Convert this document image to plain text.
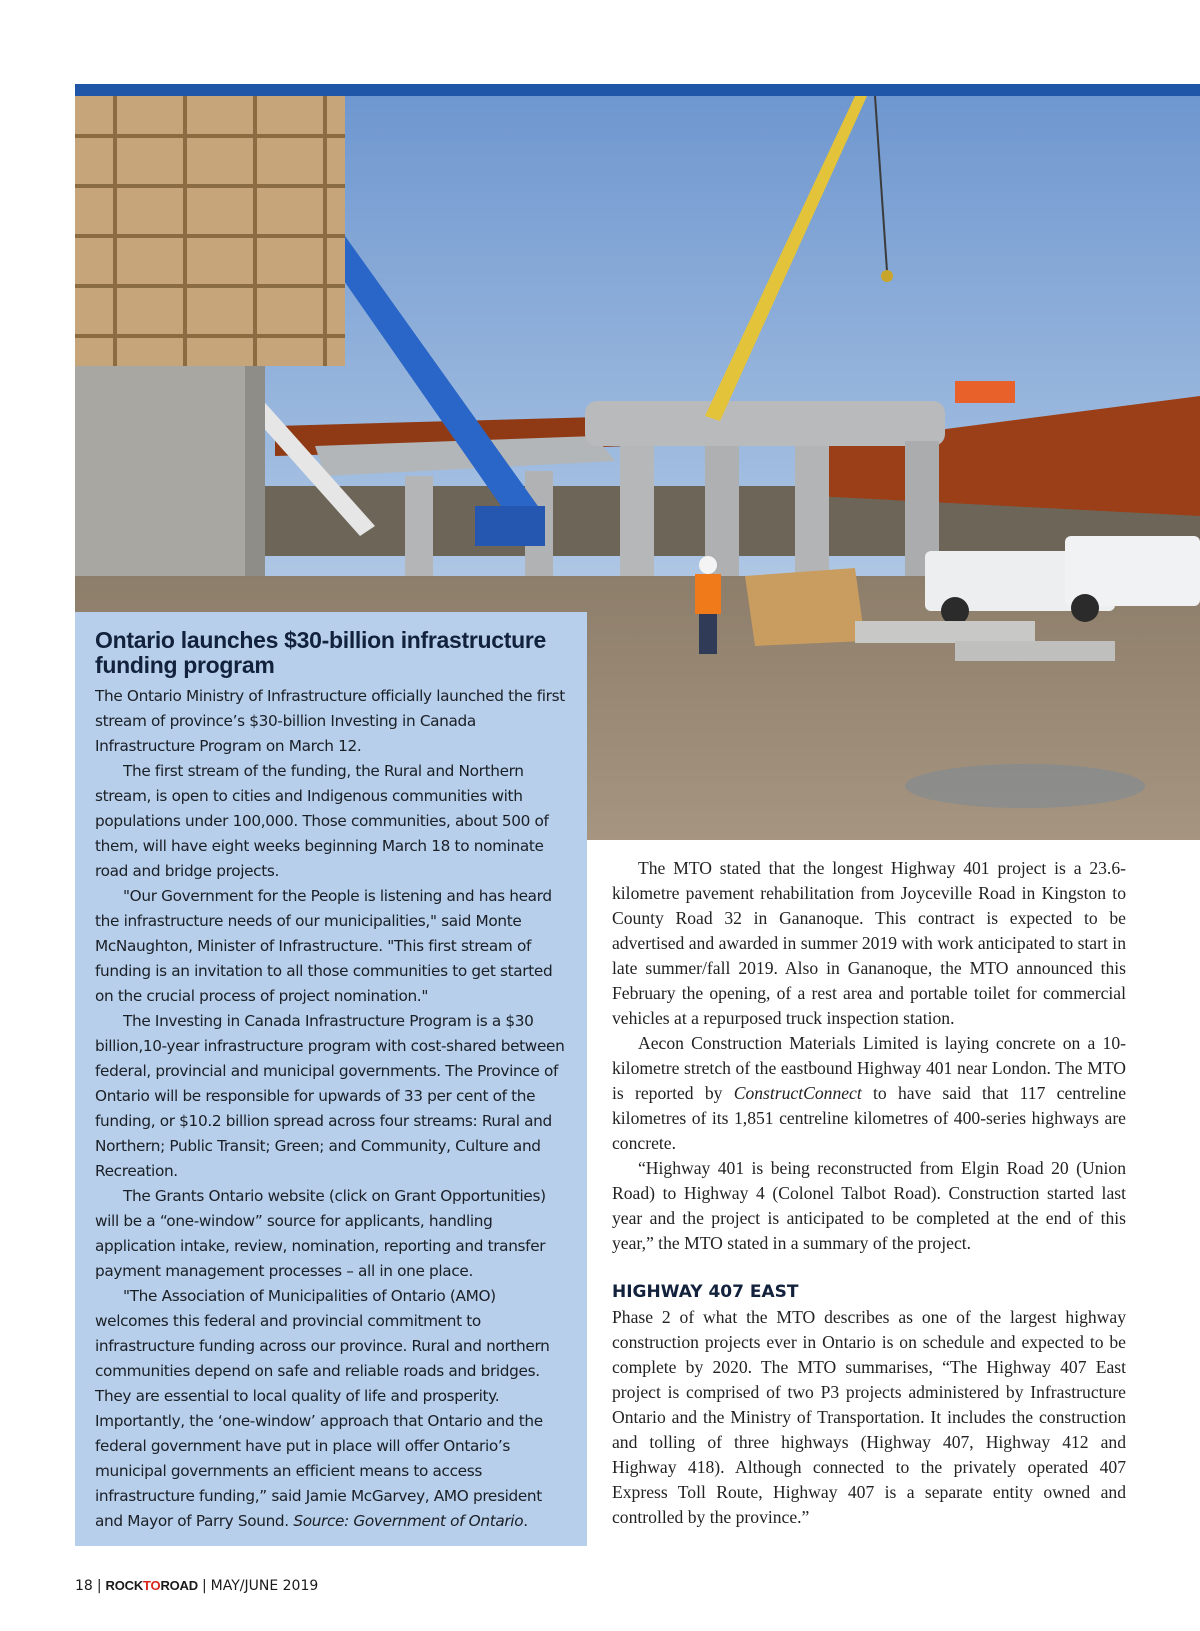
Ontario launches $30-billion infrastructure funding program

The Ontario Ministry of Infrastructure officially launched the first stream of province’s $30-billion Investing in Canada Infrastructure Program on March 12.

The first stream of the funding, the Rural and Northern stream, is open to cities and Indigenous communities with populations under 100,000. Those communities, about 500 of them, will have eight weeks beginning March 18 to nominate road and bridge projects.

"Our Government for the People is listening and has heard the infrastructure needs of our municipalities," said Monte McNaughton, Minister of Infrastructure. "This first stream of funding is an invitation to all those communities to get started on the crucial process of project nomination."

The Investing in Canada Infrastructure Program is a $30 billion,10-year infrastructure program with cost-shared between federal, provincial and municipal governments. The Province of Ontario will be responsible for upwards of 33 per cent of the funding, or $10.2 billion spread across four streams: Rural and Northern; Public Transit; Green; and Community, Culture and Recreation.

The Grants Ontario website (click on Grant Opportunities) will be a “one-window” source for applicants, handling application intake, review, nomination, reporting and transfer payment management processes – all in one place.

"The Association of Municipalities of Ontario (AMO) welcomes this federal and provincial commitment to infrastructure funding across our province. Rural and northern communities depend on safe and reliable roads and bridges. They are essential to local quality of life and prosperity. Importantly, the ‘one-window’ approach that Ontario and the federal government have put in place will offer Ontario’s municipal governments an efficient means to access infrastructure funding,” said Jamie McGarvey, AMO president and Mayor of Parry Sound. Source: Government of Ontario.

The MTO stated that the longest Highway 401 project is a 23.6-kilometre pavement rehabilitation from Joyceville Road in Kingston to County Road 32 in Gananoque. This contract is expected to be advertised and awarded in summer 2019 with work anticipated to start in late summer/fall 2019. Also in Gananoque, the MTO announced this February the opening, of a rest area and portable toilet for commercial vehicles at a repurposed truck inspection station.

Aecon Construction Materials Limited is laying concrete on a 10-kilometre stretch of the eastbound Highway 401 near London. The MTO is reported by ConstructConnect to have said that 117 centreline kilometres of its 1,851 centreline kilometres of 400-series highways are concrete.

“Highway 401 is being reconstructed from Elgin Road 20 (Union Road) to Highway 4 (Colonel Talbot Road). Construction started last year and the project is anticipated to be completed at the end of this year,” the MTO stated in a summary of the project.

HIGHWAY 407 EAST

Phase 2 of what the MTO describes as one of the largest highway construction projects ever in Ontario is on schedule and expected to be complete by 2020. The MTO summarises, “The Highway 407 East project is comprised of two P3 projects administered by Infrastructure Ontario and the Ministry of Transportation. It includes the construction and tolling of three highways (Highway 407, Highway 412 and Highway 418). Although connected to the privately operated 407 Express Toll Route, Highway 407 is a separate entity owned and controlled by the province.”

18 | ROCKTOROAD | MAY/JUNE 2019
